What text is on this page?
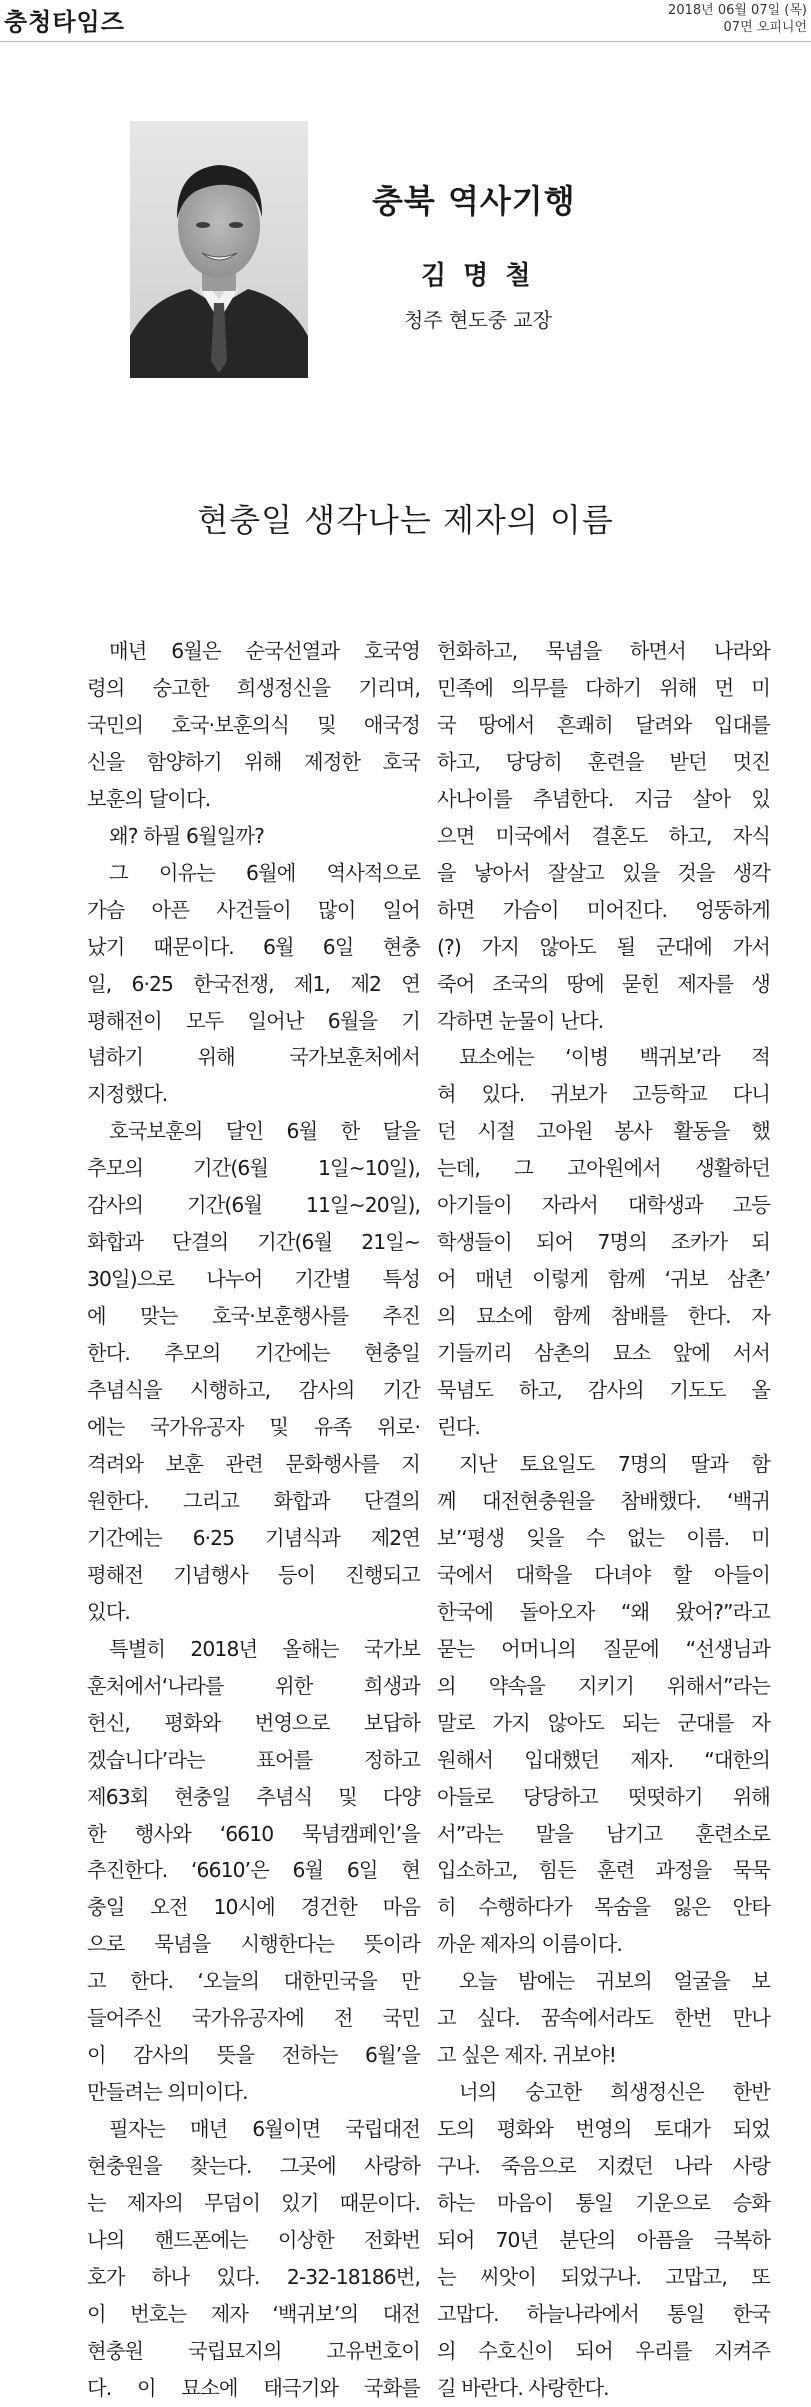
충청타임즈	2018년 06월 07일 (목)
07면 오피니언
충북 역사기행
김 명 철
청주 현도중 교장
현충일 생각나는 제자의 이름

매년 6월은 순국선열과 호국영

령의 숭고한 희생정신을 기리며,

국민의 호국·보훈의식 및 애국정

신을 함양하기 위해 제정한 호국

보훈의 달이다.

왜? 하필 6월일까?

그 이유는 6월에 역사적으로

가슴 아픈 사건들이 많이 일어

났기 때문이다. 6월 6일 현충

일, 6·25 한국전쟁, 제1, 제2 연

평해전이 모두 일어난 6월을 기

념하기 위해 국가보훈처에서

지정했다.

호국보훈의 달인 6월 한 달을

추모의 기간(6월 1일~10일),

감사의 기간(6월 11일~20일),

화합과 단결의 기간(6월 21일~

30일)으로 나누어 기간별 특성

에 맞는 호국·보훈행사를 추진

한다. 추모의 기간에는 현충일

추념식을 시행하고, 감사의 기간

에는 국가유공자 및 유족 위로·

격려와 보훈 관련 문화행사를 지

원한다. 그리고 화합과 단결의

기간에는 6·25 기념식과 제2연

평해전 기념행사 등이 진행되고

있다.

특별히 2018년 올해는 국가보

훈처에서‘나라를 위한 희생과

헌신, 평화와 번영으로 보답하

겠습니다’라는 표어를 정하고

제63회 현충일 추념식 및 다양

한 행사와 ‘6610 묵념캠페인’을

추진한다. ‘6610’은 6월 6일 현

충일 오전 10시에 경건한 마음

으로 묵념을 시행한다는 뜻이라

고 한다. ‘오늘의 대한민국을 만

들어주신 국가유공자에 전 국민

이 감사의 뜻을 전하는 6월’을

만들려는 의미이다.

필자는 매년 6월이면 국립대전

현충원을 찾는다. 그곳에 사랑하

는 제자의 무덤이 있기 때문이다.

나의 핸드폰에는 이상한 전화번

호가 하나 있다. 2-32-18186번,

이 번호는 제자 ‘백귀보’의 대전

현충원 국립묘지의 고유번호이

다. 이 묘소에 태극기와 국화를

헌화하고, 묵념을 하면서 나라와

민족에 의무를 다하기 위해 먼 미

국 땅에서 흔쾌히 달려와 입대를

하고, 당당히 훈련을 받던 멋진

사나이를 추념한다. 지금 살아 있

으면 미국에서 결혼도 하고, 자식

을 낳아서 잘살고 있을 것을 생각

하면 가슴이 미어진다. 엉뚱하게

(?) 가지 않아도 될 군대에 가서

죽어 조국의 땅에 묻힌 제자를 생

각하면 눈물이 난다.

묘소에는 ‘이병 백귀보’라 적

혀 있다. 귀보가 고등학교 다니

던 시절 고아원 봉사 활동을 했

는데, 그 고아원에서 생활하던

아기들이 자라서 대학생과 고등

학생들이 되어 7명의 조카가 되

어 매년 이렇게 함께 ‘귀보 삼촌’

의 묘소에 함께 참배를 한다. 자

기들끼리 삼촌의 묘소 앞에 서서

묵념도 하고, 감사의 기도도 올

린다.

지난 토요일도 7명의 딸과 함

께 대전현충원을 참배했다. ‘백귀

보’‘평생 잊을 수 없는 이름. 미

국에서 대학을 다녀야 할 아들이

한국에 돌아오자 “왜 왔어?”라고

묻는 어머니의 질문에 “선생님과

의 약속을 지키기 위해서”라는

말로 가지 않아도 되는 군대를 자

원해서 입대했던 제자. “대한의

아들로 당당하고 떳떳하기 위해

서”라는 말을 남기고 훈련소로

입소하고, 힘든 훈련 과정을 묵묵

히 수행하다가 목숨을 잃은 안타

까운 제자의 이름이다.

오늘 밤에는 귀보의 얼굴을 보

고 싶다. 꿈속에서라도 한번 만나

고 싶은 제자. 귀보야!

너의 숭고한 희생정신은 한반

도의 평화와 번영의 토대가 되었

구나. 죽음으로 지켰던 나라 사랑

하는 마음이 통일 기운으로 승화

되어 70년 분단의 아픔을 극복하

는 씨앗이 되었구나. 고맙고, 또

고맙다. 하늘나라에서 통일 한국

의 수호신이 되어 우리를 지켜주

길 바란다. 사랑한다.
